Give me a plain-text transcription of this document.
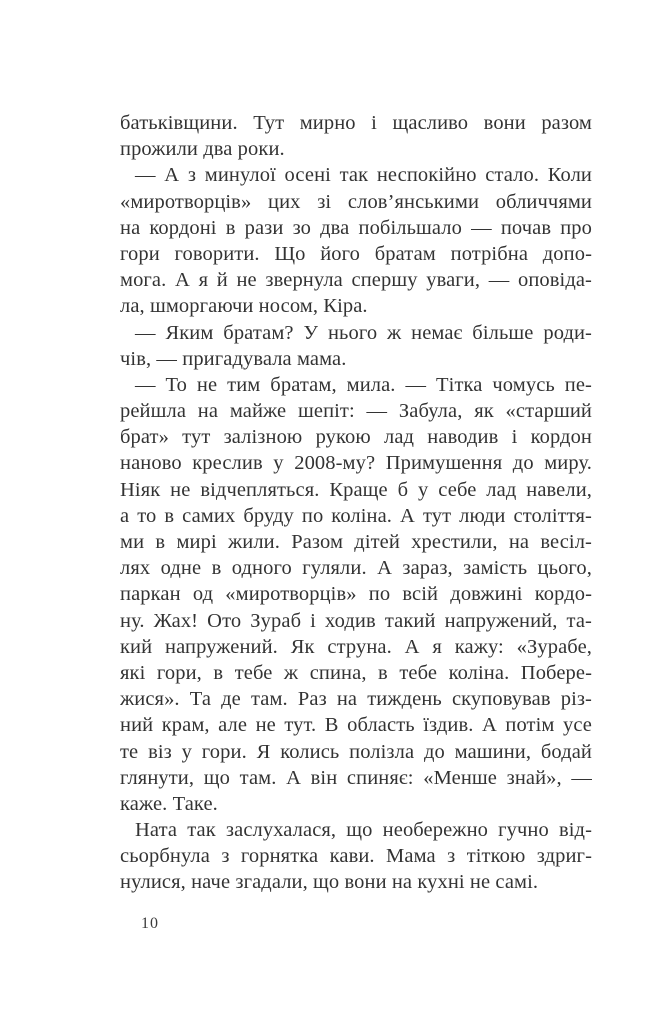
батьківщини. Тут мирно і щасливо вони разом
прожили два роки.
— А з минулої осені так неспокійно стало. Коли
«миротворців» цих зі слов’янськими обличчями
на кордоні в рази зо два побільшало — почав про
гори говорити. Що його братам потрібна допо-
мога. А я й не звернула спершу уваги, — оповіда-
ла, шморгаючи носом, Кіра.
— Яким братам? У нього ж немає більше роди-
чів, — пригадувала мама.
— То не тим братам, мила. — Тітка чомусь пе-
рейшла на майже шепіт: — Забула, як «старший
брат» тут залізною рукою лад наводив і кордон
наново креслив у 2008-му? Примушення до миру.
Ніяк не відчепляться. Краще б у себе лад навели,
а то в самих бруду по коліна. А тут люди століття-
ми в мирі жили. Разом дітей хрестили, на весіл-
лях одне в одного гуляли. А зараз, замість цього,
паркан од «миротворців» по всій довжині кордо-
ну. Жах! Ото Зураб і ходив такий напружений, та-
кий напружений. Як струна. А я кажу: «Зурабе,
які гори, в тебе ж спина, в тебе коліна. Побере-
жися». Та де там. Раз на тиждень скуповував різ-
ний крам, але не тут. В область їздив. А потім усе
те віз у гори. Я колись полізла до машини, бодай
глянути, що там. А він спиняє: «Менше знай», —
каже. Таке.
Ната так заслухалася, що необережно гучно від-
сьорбнула з горнятка кави. Мама з тіткою здриг-
нулися, наче згадали, що вони на кухні не самі.
10
